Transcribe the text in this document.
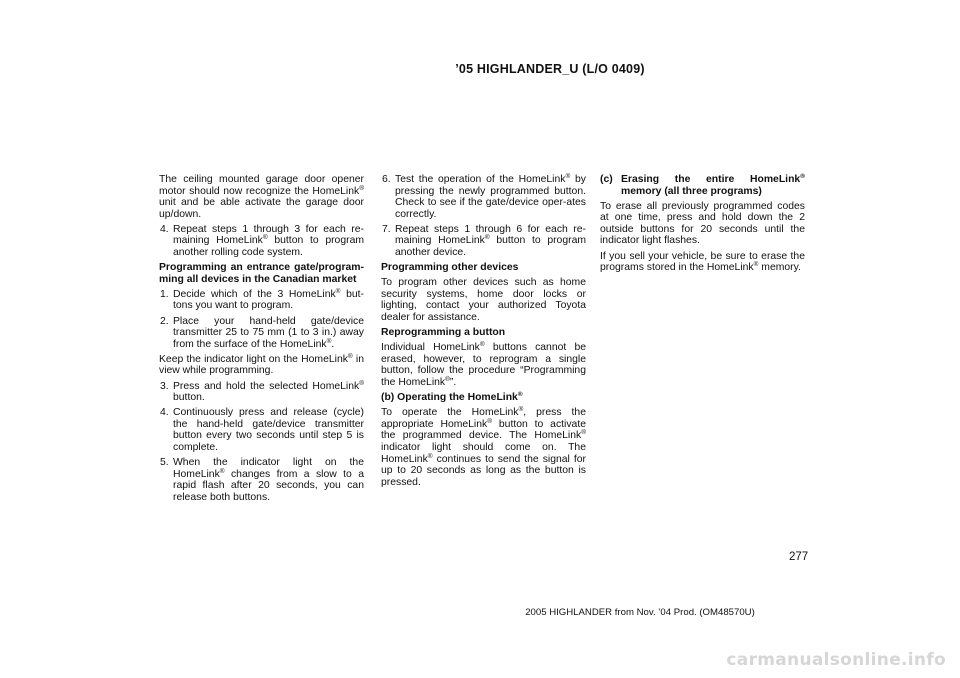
’05 HIGHLANDER_U (L/O 0409)

The ceiling mounted garage door opener motor should now recognize the HomeLink® unit and be able activate the garage door up/down.

4. Repeat steps 1 through 3 for each re-maining HomeLink® button to program another rolling code system.

Programming an entrance gate/program-ming all devices in the Canadian market

1. Decide which of the 3 HomeLink® but-tons you want to program.
2. Place your hand-held gate/device transmitter 25 to 75 mm (1 to 3 in.) away from the surface of the HomeLink®.

Keep the indicator light on the HomeLink® in view while programming.

3. Press and hold the selected HomeLink® button.
4. Continuously press and release (cycle) the hand-held gate/device transmitter button every two seconds until step 5 is complete.
5. When the indicator light on the HomeLink® changes from a slow to a rapid flash after 20 seconds, you can release both buttons.
6. Test the operation of the HomeLink® by pressing the newly programmed button. Check to see if the gate/device oper-ates correctly.
7. Repeat steps 1 through 6 for each re-maining HomeLink® button to program another device.

Programming other devices

To program other devices such as home security systems, home door locks or lighting, contact your authorized Toyota dealer for assistance.

Reprogramming a button

Individual HomeLink® buttons cannot be erased, however, to reprogram a single button, follow the procedure “Programming the HomeLink®”.

(b) Operating the HomeLink®

To operate the HomeLink®, press the appropriate HomeLink® button to activate the programmed device. The HomeLink® indicator light should come on. The HomeLink® continues to send the signal for up to 20 seconds as long as the button is pressed.

(c) Erasing the entire HomeLink® memory (all three programs)

To erase all previously programmed codes at one time, press and hold down the 2 outside buttons for 20 seconds until the indicator light flashes.

If you sell your vehicle, be sure to erase the programs stored in the HomeLink® memory.

277
2005 HIGHLANDER from Nov. ’04 Prod. (OM48570U)
carmanualsonline.info
